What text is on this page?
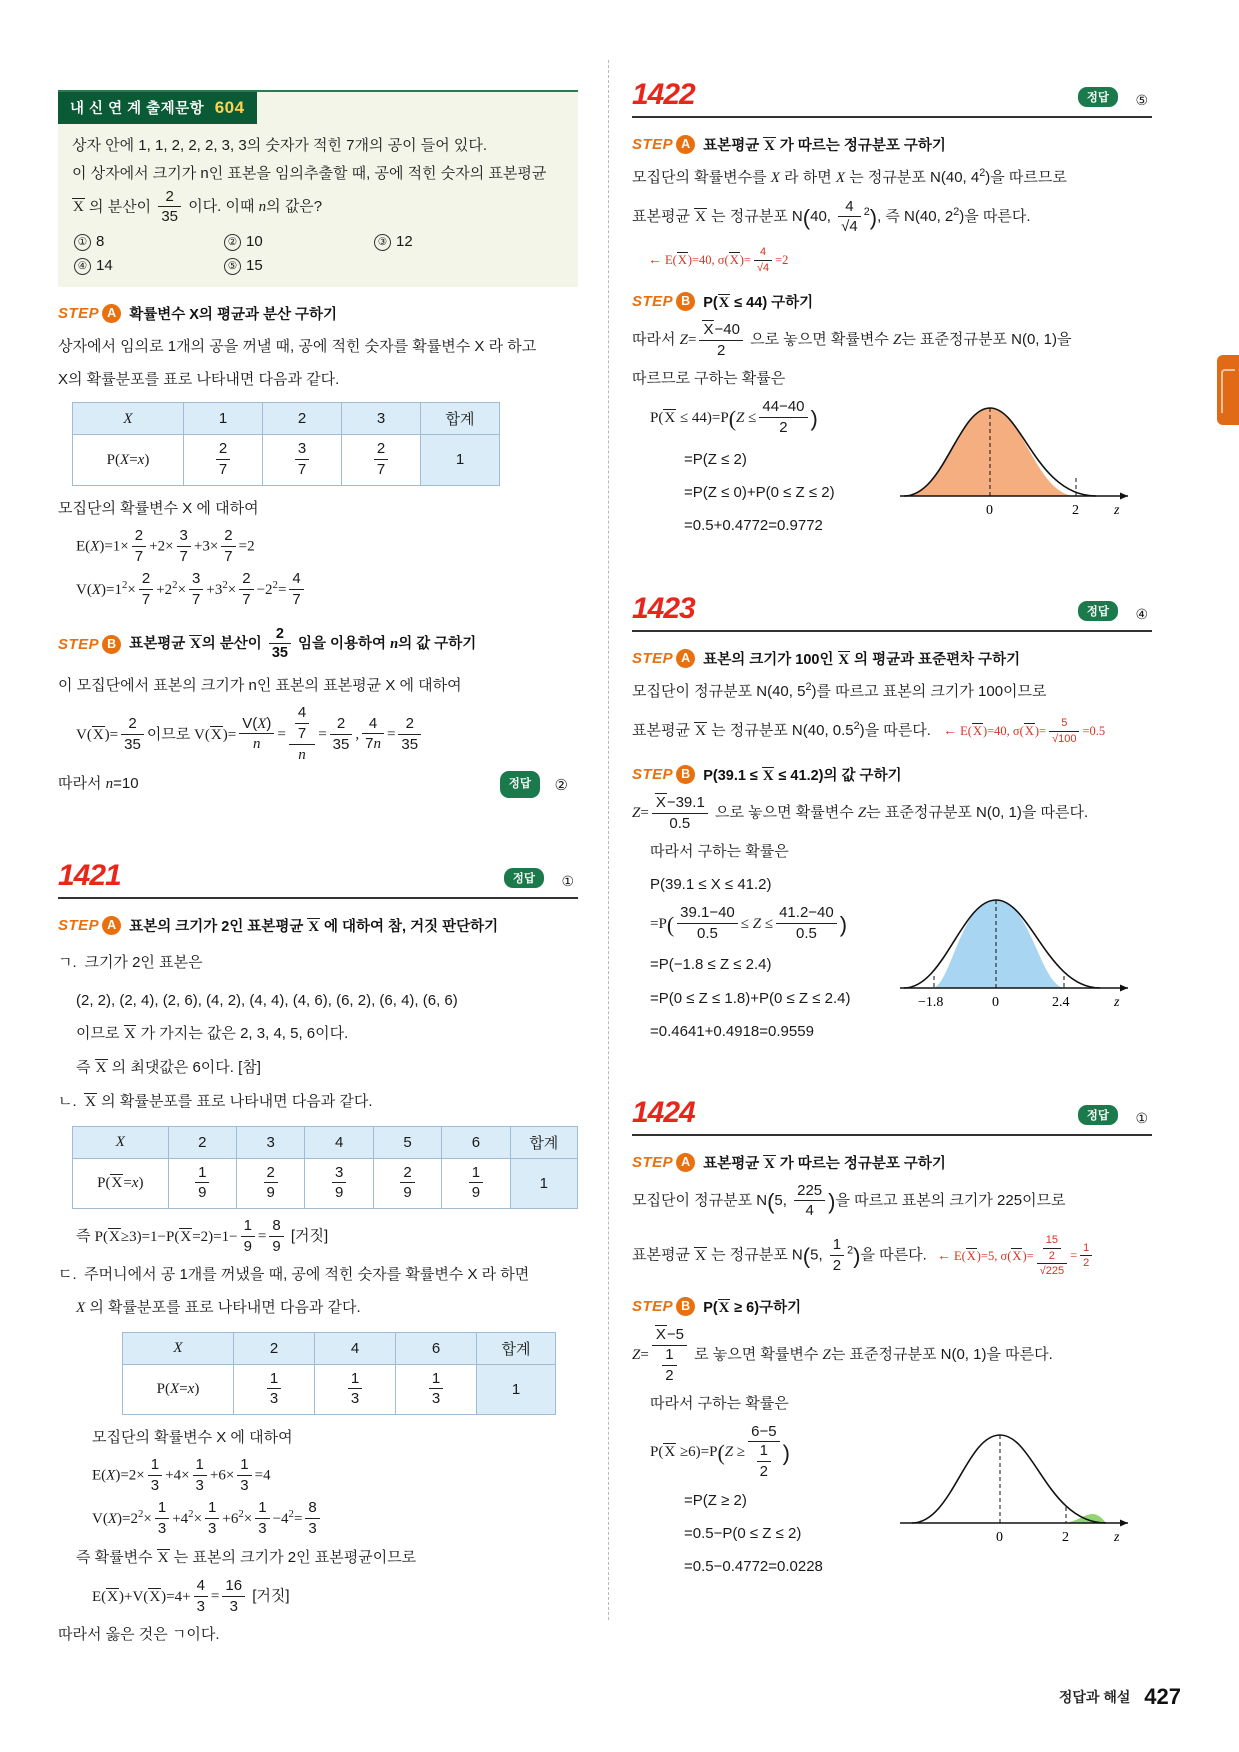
내 신 연 계 출제문항 604
상자 안에 1, 1, 2, 2, 2, 3, 3의 숫자가 적힌 7개의 공이 들어 있다.
이 상자에서 크기가 n인 표본을 임의추출할 때, 공에 적힌 숫자의 표본평균
X 의 분산이 $\frac{2}{35}$ 이다. 이때 n의 값은?
① 8	② 10	③ 12
④ 14	⑤ 15
STEP A 확률변수 X의 평균과 분산 구하기
상자에서 임의로 1개의 공을 꺼낼 때, 공에 적힌 숫자를 확률변수 X 라 하고
X의 확률분포를 표로 나타내면 다음과 같다.
X	1	2	3	합계
P(X=x)	$\frac{2}{7}$	$\frac{3}{7}$	$\frac{2}{7}$	1
모집단의 확률변수 X 에 대하여
$E(X)=1\times \frac{2}{7} +2\times \frac{3}{7} +3\times \frac{2}{7} =2$
$V(X)=1^2\times \frac{2}{7} +2^2\times \frac{3}{7} +3^2\times \frac{2}{7} -2^2= \frac{4}{7}$
STEP B 표본평균 X의 분산이 $\frac{2}{35}$ 임을 이용하여 n의 값 구하기
이 모집단에서 표본의 크기가 n인 표본의 표본평균 X 에 대하여
$V(X)= \frac{2}{35}$ 이므로 $V(X)= \frac{V(X)}{n} = \frac{\frac{4}{7}}{n} = \frac{2}{35}$ , $\frac{4}{7n} = \frac{2}{35}$
따라서 n=10	정답	②
1421	정답	①
STEP A 표본의 크기가 2인 표본평균 X 에 대하여 참, 거짓 판단하기
ㄱ. 크기가 2인 표본은
(2, 2), (2, 4), (2, 6), (4, 2), (4, 4), (4, 6), (6, 2), (6, 4), (6, 6)
이므로 X 가 가지는 값은 2, 3, 4, 5, 6이다.
즉 X 의 최댓값은 6이다. [참]
ㄴ. X 의 확률분포를 표로 나타내면 다음과 같다.
X	2	3	4	5	6	합계
P(X=x)	$\frac{1}{9}$	$\frac{2}{9}$	$\frac{3}{9}$	$\frac{2}{9}$	$\frac{1}{9}$	1
즉 $P(X\ge 3)=1-P(X=2)=1- \frac{1}{9} = \frac{8}{9}$ [거짓]
ㄷ. 주머니에서 공 1개를 꺼냈을 때, 공에 적힌 숫자를 확률변수 X 라 하면
X 의 확률분포를 표로 나타내면 다음과 같다.
X	2	4	6	합계
P(X=x)	$\frac{1}{3}$	$\frac{1}{3}$	$\frac{1}{3}$	1
모집단의 확률변수 X 에 대하여
$E(X)=2\times \frac{1}{3} +4\times \frac{1}{3} +6\times \frac{1}{3} =4$
$V(X)=2^2\times \frac{1}{3} +4^2\times \frac{1}{3} +6^2\times \frac{1}{3} -4^2= \frac{8}{3}$
즉 확률변수 X 는 표본의 크기가 2인 표본평균이므로
$E(X)+V(X)=4+ \frac{4}{3} = \frac{16}{3}$ [거짓]
따라서 옳은 것은 ㄱ이다.
1422	정답	⑤
STEP A 표본평균 X 가 따르는 정규분포 구하기
모집단의 확률변수를 X 라 하면 X 는 정규분포 N(40, $4^2$)을 따르므로
표본평균 X 는 정규분포 N(40, $\frac{4}{√4} ^2$), 즉 N(40, $2^2$)을 따른다.
← E(X)=40, $\sigma(X)= \frac{4}{√4} =2$
STEP B P(X ≤ 44) 구하기
따라서 $Z= \frac{X-40}{2}$ 으로 놓으면 확률변수 Z는 표준정규분포 N(0, 1)을
따르므로 구하는 확률은
0	2	z
$P(X \le 44)=P(Z \le \frac{44-40}{2}$ )
=P(Z ≤ 2)
=P(Z ≤ 0)+P(0 ≤ Z ≤ 2)
=0.5+0.4772=0.9772
1423	정답	④
STEP A 표본의 크기가 100인 X 의 평균과 표준편차 구하기
모집단이 정규분포 N(40, $5^2$)를 따르고 표본의 크기가 100이므로
표본평균 X 는 정규분포 N(40, $0.5^2$)을 따른다. ← E(X)=40, $\sigma(X)= \frac{5}{√100} =0.5$
STEP B P(39.1 ≤ X ≤ 41.2)의 값 구하기
$Z= \frac{X-39.1}{0.5}$ 으로 놓으면 확률변수 Z는 표준정규분포 N(0, 1)을 따른다.
따라서 구하는 확률은
−1.8	0	2.4	z
P(39.1 ≤ X ≤ 41.2)
$=P( \frac{39.1-40}{0.5} \le Z \le \frac{41.2-40}{0.5}$ )
=P(−1.8 ≤ Z ≤ 2.4)
=P(0 ≤ Z ≤ 1.8)+P(0 ≤ Z ≤ 2.4)
=0.4641+0.4918=0.9559
1424	정답	①
STEP A 표본평균 X 가 따르는 정규분포 구하기
모집단이 정규분포 N(5, $\frac{225}{4}$ )을 따르고 표본의 크기가 225이므로
표본평균 X 는 정규분포 N(5, $\frac{1}{2} ^2$)을 따른다. ← E(X)=5, $\sigma(X)= \frac{\frac{15}{2}}{√225} = \frac{1}{2}$
STEP B P(X ≥ 6)구하기
$Z= \frac{X-5}{\frac{1}{2}}$ 로 놓으면 확률변수 Z는 표준정규분포 N(0, 1)을 따른다.
따라서 구하는 확률은
0	2	z
$P(X \ge 6)=P(Z \ge \frac{6-5}{\frac{1}{2}}$ )
=P(Z ≥ 2)
=0.5−P(0 ≤ Z ≤ 2)
=0.5−0.4772=0.0228
정답과 해설 427
